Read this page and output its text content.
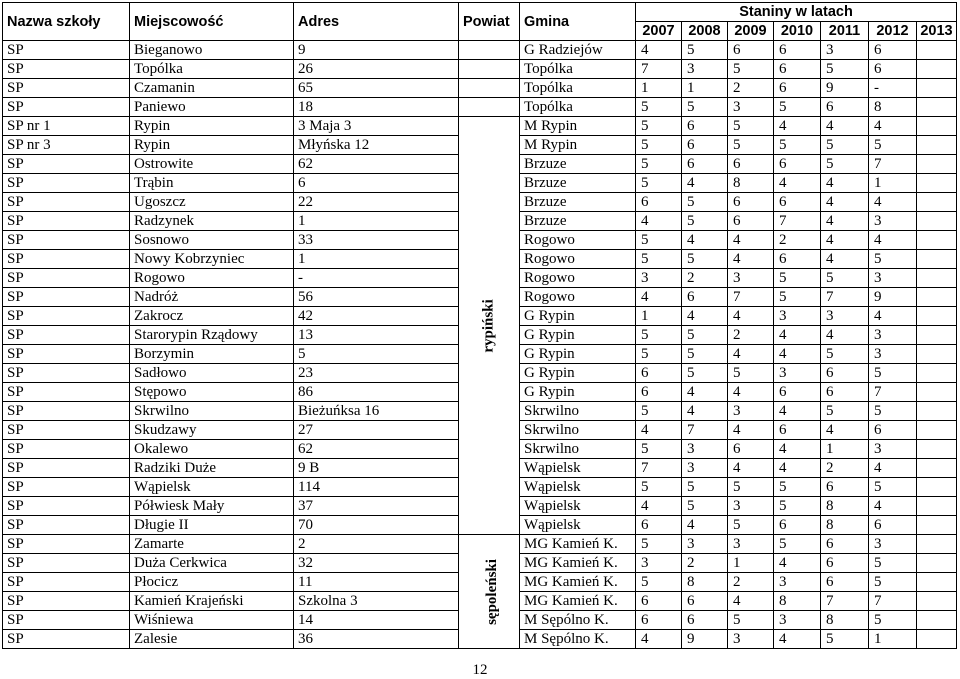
Nazwa szkoły	Miejscowość	Adres	Powiat	Gmina	Staniny w latach						
					2007	2008	2009	2010	2011	2012	2013
SP	Bieganowo	9		G Radziejów	4	5	6	6	3	6	
SP	Topólka	26		Topólka	7	3	5	6	5	6	
SP	Czamanin	65		Topólka	1	1	2	6	9	-	
SP	Paniewo	18		Topólka	5	5	3	5	6	8	
SP nr 1	Rypin	3 Maja 3	rypiński	M Rypin	5	6	5	4	4	4	
SP nr 3	Rypin	Młyńska 12		M Rypin	5	6	5	5	5	5	
SP	Ostrowite	62		Brzuze	5	6	6	6	5	7	
SP	Trąbin	6		Brzuze	5	4	8	4	4	1	
SP	Ugoszcz	22		Brzuze	6	5	6	6	4	4	
SP	Radzynek	1		Brzuze	4	5	6	7	4	3	
SP	Sosnowo	33		Rogowo	5	4	4	2	4	4	
SP	Nowy Kobrzyniec	1		Rogowo	5	5	4	6	4	5	
SP	Rogowo	-		Rogowo	3	2	3	5	5	3	
SP	Nadróż	56		Rogowo	4	6	7	5	7	9	
SP	Zakrocz	42		G Rypin	1	4	4	3	3	4	
SP	Starorypin Rządowy	13		G Rypin	5	5	2	4	4	3	
SP	Borzymin	5		G Rypin	5	5	4	4	5	3	
SP	Sadłowo	23		G Rypin	6	5	5	3	6	5	
SP	Stępowo	86		G Rypin	6	4	4	6	6	7	
SP	Skrwilno	Bieżuńksa 16		Skrwilno	5	4	3	4	5	5	
SP	Skudzawy	27		Skrwilno	4	7	4	6	4	6	
SP	Okalewo	62		Skrwilno	5	3	6	4	1	3	
SP	Radziki Duże	9 B		Wąpielsk	7	3	4	4	2	4	
SP	Wąpielsk	114		Wąpielsk	5	5	5	5	6	5	
SP	Półwiesk Mały	37		Wąpielsk	4	5	3	5	8	4	
SP	Długie II	70		Wąpielsk	6	4	5	6	8	6	
SP	Zamarte	2	sępoleński	MG Kamień K.	5	3	3	5	6	3	
SP	Duża Cerkwica	32		MG Kamień K.	3	2	1	4	6	5	
SP	Płocicz	11		MG Kamień K.	5	8	2	3	6	5	
SP	Kamień Krajeński	Szkolna 3		MG Kamień K.	6	6	4	8	7	7	
SP	Wiśniewa	14		M Sępólno K.	6	6	5	3	8	5	
SP	Zalesie	36		M Sępólno K.	4	9	3	4	5	1	
12
